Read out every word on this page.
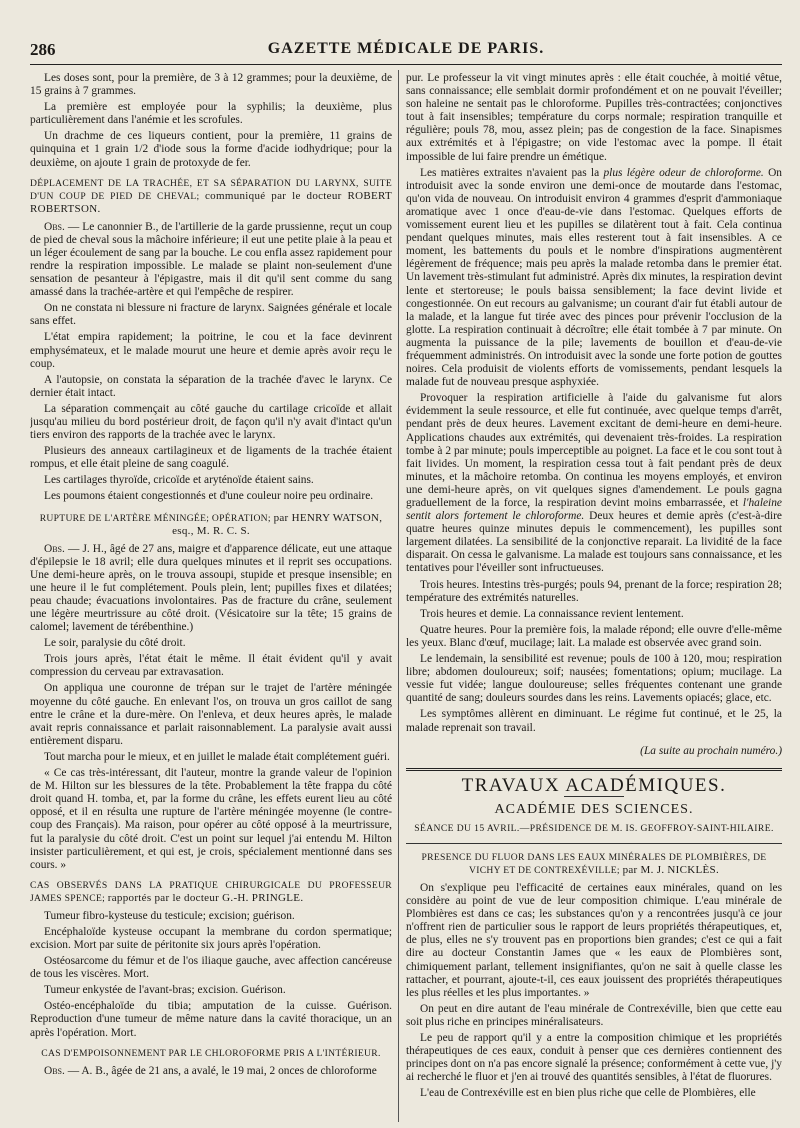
286	GAZETTE MÉDICALE DE PARIS.

Les doses sont, pour la première, de 3 à 12 grammes; pour la deuxième, de 15 grains à 7 grammes.

La première est employée pour la syphilis; la deuxième, plus particulièrement dans l'anémie et les scrofules.

Un drachme de ces liqueurs contient, pour la première, 11 grains de quinquina et 1 grain 1/2 d'iode sous la forme d'acide iodhydrique; pour la deuxième, on ajoute 1 grain de protoxyde de fer.

DÉPLACEMENT DE LA TRACHÉE, ET SA SÉPARATION DU LARYNX, SUITE D'UN COUP DE PIED DE CHEVAL; communiqué par le docteur ROBERT ROBERTSON.

Obs. — Le canonnier B., de l'artillerie de la garde prussienne, reçut un coup de pied de cheval sous la mâchoire inférieure; il eut une petite plaie à la peau et un léger écoulement de sang par la bouche. Le cou enfla assez rapidement pour rendre la respiration impossible. Le malade se plaint non-seulement d'une sensation de pesanteur à l'épigastre, mais il dit qu'il sent comme du sang amassé dans la trachée-artère et qui l'empêche de respirer.

On ne constata ni blessure ni fracture de larynx. Saignées générale et locale sans effet.

L'état empira rapidement; la poitrine, le cou et la face devinrent emphysémateux, et le malade mourut une heure et demie après avoir reçu le coup.

A l'autopsie, on constata la séparation de la trachée d'avec le larynx. Ce dernier était intact.

La séparation commençait au côté gauche du cartilage cricoïde et allait jusqu'au milieu du bord postérieur droit, de façon qu'il n'y avait d'intact qu'un tiers environ des rapports de la trachée avec le larynx.

Plusieurs des anneaux cartilagineux et de ligaments de la trachée étaient rompus, et elle était pleine de sang coagulé.

Les cartilages thyroïde, cricoïde et aryténoïde étaient sains.

Les poumons étaient congestionnés et d'une couleur noire peu ordinaire.

RUPTURE DE L'ARTÈRE MÉNINGÉE; OPÉRATION; par HENRY WATSON, esq., M. R. C. S.

Obs. — J. H., âgé de 27 ans, maigre et d'apparence délicate, eut une attaque d'épilepsie le 18 avril; elle dura quelques minutes et il reprit ses occupations. Une demi-heure après, on le trouva assoupi, stupide et presque insensible; en une heure il le fut complétement. Pouls plein, lent; pupilles fixes et dilatées; peau chaude; évacuations involontaires. Pas de fracture du crâne, seulement une légère meurtrissure au côté droit. (Vésicatoire sur la tête; 15 grains de calomel; lavement de térébenthine.)

Le soir, paralysie du côté droit.

Trois jours après, l'état était le même. Il était évident qu'il y avait compression du cerveau par extravasation.

On appliqua une couronne de trépan sur le trajet de l'artère méningée moyenne du côté gauche. En enlevant l'os, on trouva un gros caillot de sang entre le crâne et la dure-mère. On l'enleva, et deux heures après, le malade avait repris connaissance et parlait raisonnablement. La paralysie avait aussi entièrement disparu.

Tout marcha pour le mieux, et en juillet le malade était complétement guéri.

« Ce cas très-intéressant, dit l'auteur, montre la grande valeur de l'opinion de M. Hilton sur les blessures de la tête. Probablement la tête frappa du côté droit quand H. tomba, et, par la forme du crâne, les effets eurent lieu au côté opposé, et il en résulta une rupture de l'artère méningée moyenne (le contre-coup des Français). Ma raison, pour opérer au côté opposé à la meurtrissure, fut la paralysie du côté droit. C'est un point sur lequel j'ai entendu M. Hilton insister particulièrement, et qui est, je crois, spécialement mentionné dans ses cours. »

CAS OBSERVÉS DANS LA PRATIQUE CHIRURGICALE DU PROFESSEUR JAMES SPENCE; rapportés par le docteur G.-H. PRINGLE.

Tumeur fibro-kysteuse du testicule; excision; guérison.

Encéphaloïde kysteuse occupant la membrane du cordon spermatique; excision. Mort par suite de péritonite six jours après l'opération.

Ostéosarcome du fémur et de l'os iliaque gauche, avec affection cancéreuse de tous les viscères. Mort.

Tumeur enkystée de l'avant-bras; excision. Guérison.

Ostéo-encéphaloïde du tibia; amputation de la cuisse. Guérison. Reproduction d'une tumeur de même nature dans la cavité thoracique, un an après l'opération. Mort.

CAS D'EMPOISONNEMENT PAR LE CHLOROFORME PRIS A L'INTÉRIEUR.

Obs. — A. B., âgée de 21 ans, a avalé, le 19 mai, 2 onces de chloroforme

pur. Le professeur la vit vingt minutes après : elle était couchée, à moitié vêtue, sans connaissance; elle semblait dormir profondément et on ne pouvait l'éveiller; son haleine ne sentait pas le chloroforme. Pupilles très-contractées; conjonctives tout à fait insensibles; température du corps normale; respiration tranquille et régulière; pouls 78, mou, assez plein; pas de congestion de la face. Sinapismes aux extrémités et à l'épigastre; on vide l'estomac avec la pompe. Il était impossible de lui faire prendre un émétique.

Les matières extraites n'avaient pas la plus légère odeur de chloroforme. On introduisit avec la sonde environ une demi-once de moutarde dans l'estomac, qu'on vida de nouveau. On introduisit environ 4 grammes d'esprit d'ammoniaque aromatique avec 1 once d'eau-de-vie dans l'estomac. Quelques efforts de vomissement eurent lieu et les pupilles se dilatèrent tout à fait. Cela continua pendant quelques minutes, mais elles resterent tout à fait insensibles. A ce moment, les battements du pouls et le nombre d'inspirations augmentèrent légèrement de fréquence; mais peu après la malade retomba dans le premier état. Un lavement très-stimulant fut administré. Après dix minutes, la respiration devint lente et stertoreuse; le pouls baissa sensiblement; la face devint livide et congestionnée. On eut recours au galvanisme; un courant d'air fut établi autour de la malade, et la langue fut tirée avec des pinces pour prévenir l'occlusion de la glotte. La respiration continuait à décroître; elle était tombée à 7 par minute. On augmenta la puissance de la pile; lavements de bouillon et d'eau-de-vie fréquemment administrés. On introduisit avec la sonde une forte potion de gouttes noires. Cela produisit de violents efforts de vomissements, pendant lesquels la malade fut de nouveau presque asphyxiée.

Provoquer la respiration artificielle à l'aide du galvanisme fut alors évidemment la seule ressource, et elle fut continuée, avec quelque temps d'arrêt, pendant près de deux heures. Lavement excitant de demi-heure en demi-heure. Applications chaudes aux extrémités, qui devenaient très-froides. La respiration tombe à 2 par minute; pouls imperceptible au poignet. La face et le cou sont tout à fait livides. Un moment, la respiration cessa tout à fait pendant près de deux minutes, et la mâchoire retomba. On continua les moyens employés, et environ une demi-heure après, on vit quelques signes d'amendement. Le pouls gagna graduellement de la force, la respiration devint moins embarrassée, et l'haleine sentit alors fortement le chloroforme. Deux heures et demie après (c'est-à-dire quatre heures quinze minutes depuis le commencement), les pupilles sont largement dilatées. La sensibilité de la conjonctive reparait. La lividité de la face disparait. On cessa le galvanisme. La malade est toujours sans connaissance, et les tentatives pour l'éveiller sont infructueuses.

Trois heures. Intestins très-purgés; pouls 94, prenant de la force; respiration 28; température des extrémités naturelles.

Trois heures et demie. La connaissance revient lentement.

Quatre heures. Pour la première fois, la malade répond; elle ouvre d'elle-même les yeux. Blanc d'œuf, mucilage; lait. La malade est observée avec grand soin.

Le lendemain, la sensibilité est revenue; pouls de 100 à 120, mou; respiration libre; abdomen douloureux; soif; nausées; fomentations; opium; mucilage. La vessie fut vidée; langue douloureuse; selles fréquentes contenant une grande quantité de sang; douleurs sourdes dans les reins. Lavements opiacés; glace, etc.

Les symptômes allèrent en diminuant. Le régime fut continué, et le 25, la malade reprenait son travail.

(La suite au prochain numéro.)

TRAVAUX ACADÉMIQUES.

ACADÉMIE DES SCIENCES.

SÉANCE DU 15 AVRIL.—PRÉSIDENCE DE M. IS. GEOFFROY-SAINT-HILAIRE.

PRESENCE DU FLUOR DANS LES EAUX MINÉRALES DE PLOMBIÈRES, DE VICHY ET DE CONTREXÉVILLE; par M. J. NICKLÈS.

On s'explique peu l'efficacité de certaines eaux minérales, quand on les considère au point de vue de leur composition chimique. L'eau minérale de Plombières est dans ce cas; les substances qu'on y a rencontrées jusqu'à ce jour n'offrent rien de particulier sous le rapport de leurs propriétés thérapeutiques, et, de plus, elles ne s'y trouvent pas en proportions bien grandes; c'est ce qui a fait dire au docteur Constantin James que « les eaux de Plombières sont, chimiquement parlant, tellement insignifiantes, qu'on ne sait à quelle classe les rattacher, et pourrant, ajoute-t-il, ces eaux jouissent des propriétés thérapeutiques les plus réelles et les plus importantes. »

On peut en dire autant de l'eau minérale de Contrexéville, bien que cette eau soit plus riche en principes minéralisateurs.

Le peu de rapport qu'il y a entre la composition chimique et les propriétés thérapeutiques de ces eaux, conduit à penser que ces dernières contiennent des principes dont on n'a pas encore signalé la présence; conformément à cette vue, j'y ai recherché le fluor et j'en ai trouvé des quantités sensibles, à l'état de fluorures.

L'eau de Contrexéville est en bien plus riche que celle de Plombières, elle
